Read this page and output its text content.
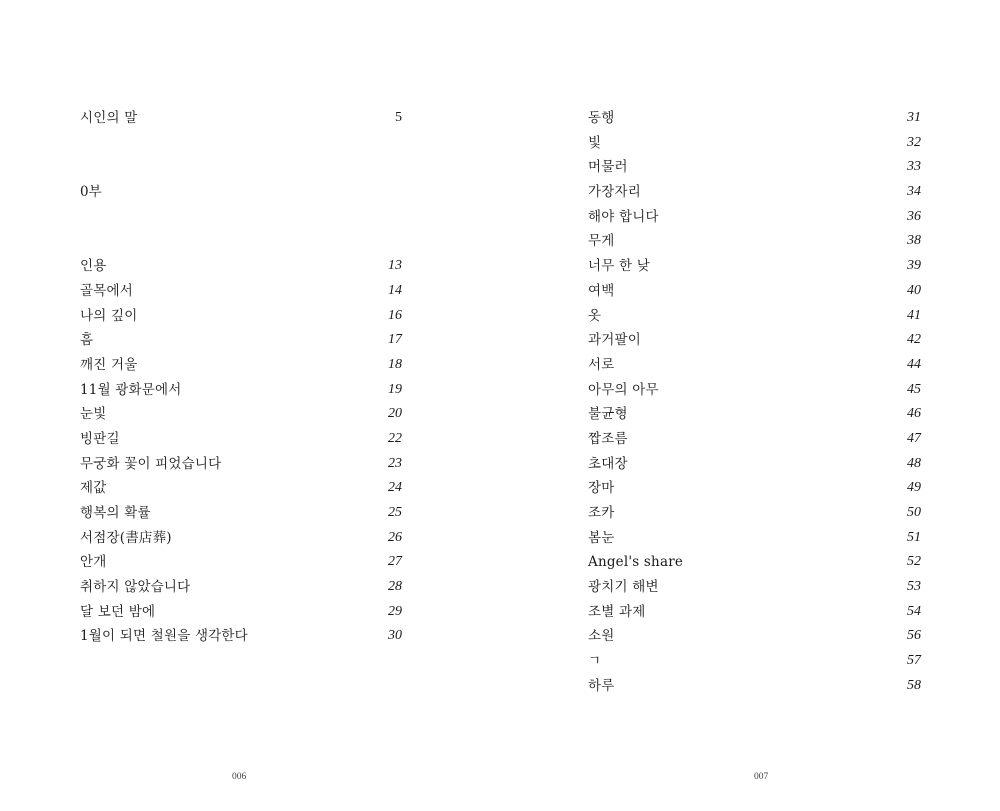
시인의 말	5
0부
인용	13
골목에서	14
나의 깊이	16
흠	17
깨진 거울	18
11월 광화문에서	19
눈빛	20
빙판길	22
무궁화 꽃이 피었습니다	23
제값	24
행복의 확률	25
서점장(書店葬)	26
안개	27
취하지 않았습니다	28
달 보던 밤에	29
1월이 되면 철원을 생각한다	30
006
동행	31
빛	32
머물러	33
가장자리	34
해야 합니다	36
무게	38
너무 한 낮	39
여백	40
옷	41
과거팔이	42
서로	44
아무의 아무	45
불균형	46
짭조름	47
초대장	48
장마	49
조카	50
봄눈	51
Angel's share	52
광치기 해변	53
조별 과제	54
소원	56
ㄱ	57
하루	58
007
